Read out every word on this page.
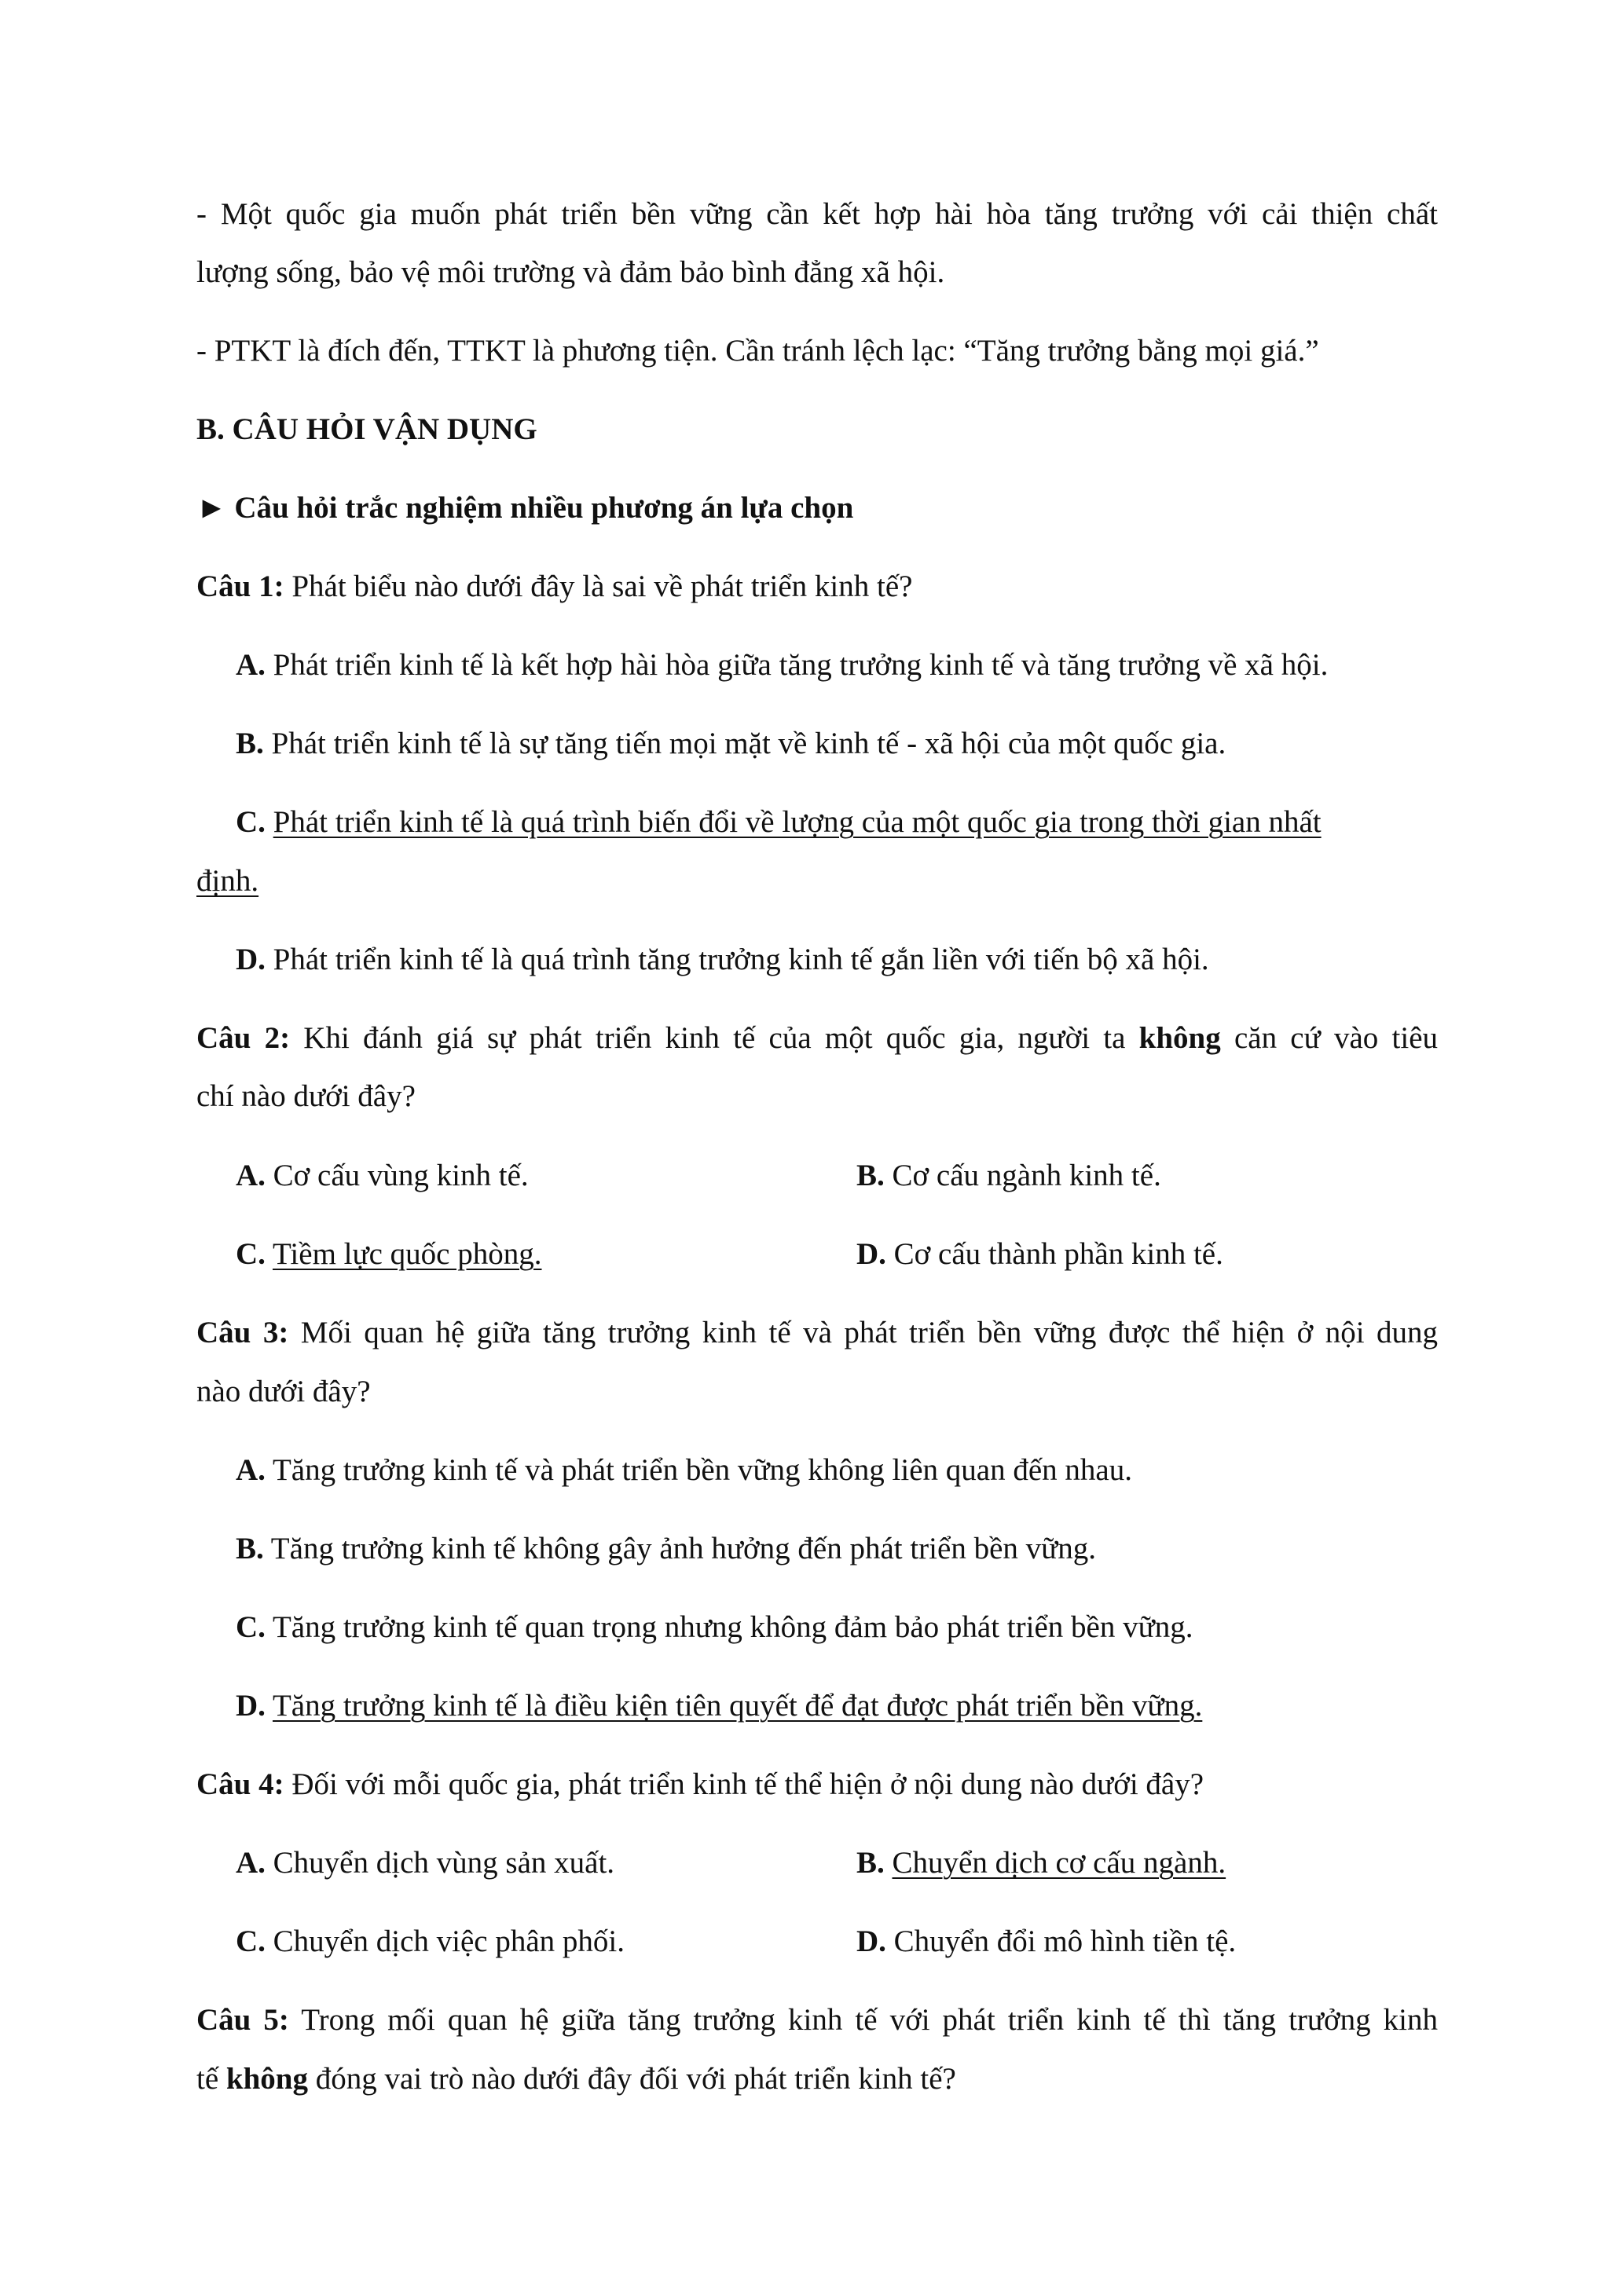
- Một quốc gia muốn phát triển bền vững cần kết hợp hài hòa tăng trưởng với cải thiện chất

lượng sống, bảo vệ môi trường và đảm bảo bình đẳng xã hội.

- PTKT là đích đến, TTKT là phương tiện. Cần tránh lệch lạc: “Tăng trưởng bằng mọi giá.”

B. CÂU HỎI VẬN DỤNG

► Câu hỏi trắc nghiệm nhiều phương án lựa chọn

Câu 1: Phát biểu nào dưới đây là sai về phát triển kinh tế?

A. Phát triển kinh tế là kết hợp hài hòa giữa tăng trưởng kinh tế và tăng trưởng về xã hội.

B. Phát triển kinh tế là sự tăng tiến mọi mặt về kinh tế - xã hội của một quốc gia.

C. Phát triển kinh tế là quá trình biến đổi về lượng của một quốc gia trong thời gian nhất

định.

D. Phát triển kinh tế là quá trình tăng trưởng kinh tế gắn liền với tiến bộ xã hội.

Câu 2: Khi đánh giá sự phát triển kinh tế của một quốc gia, người ta không căn cứ vào tiêu

chí nào dưới đây?

A. Cơ cấu vùng kinh tế.	B. Cơ cấu ngành kinh tế.

C. Tiềm lực quốc phòng.	D. Cơ cấu thành phần kinh tế.

Câu 3: Mối quan hệ giữa tăng trưởng kinh tế và phát triển bền vững được thể hiện ở nội dung

nào dưới đây?

A. Tăng trưởng kinh tế và phát triển bền vững không liên quan đến nhau.

B. Tăng trưởng kinh tế không gây ảnh hưởng đến phát triển bền vững.

C. Tăng trưởng kinh tế quan trọng nhưng không đảm bảo phát triển bền vững.

D. Tăng trưởng kinh tế là điều kiện tiên quyết để đạt được phát triển bền vững.

Câu 4: Đối với mỗi quốc gia, phát triển kinh tế thể hiện ở nội dung nào dưới đây?

A. Chuyển dịch vùng sản xuất.	B. Chuyển dịch cơ cấu ngành.

C. Chuyển dịch việc phân phối.	D. Chuyển đổi mô hình tiền tệ.

Câu 5: Trong mối quan hệ giữa tăng trưởng kinh tế với phát triển kinh tế thì tăng trưởng kinh

tế không đóng vai trò nào dưới đây đối với phát triển kinh tế?
